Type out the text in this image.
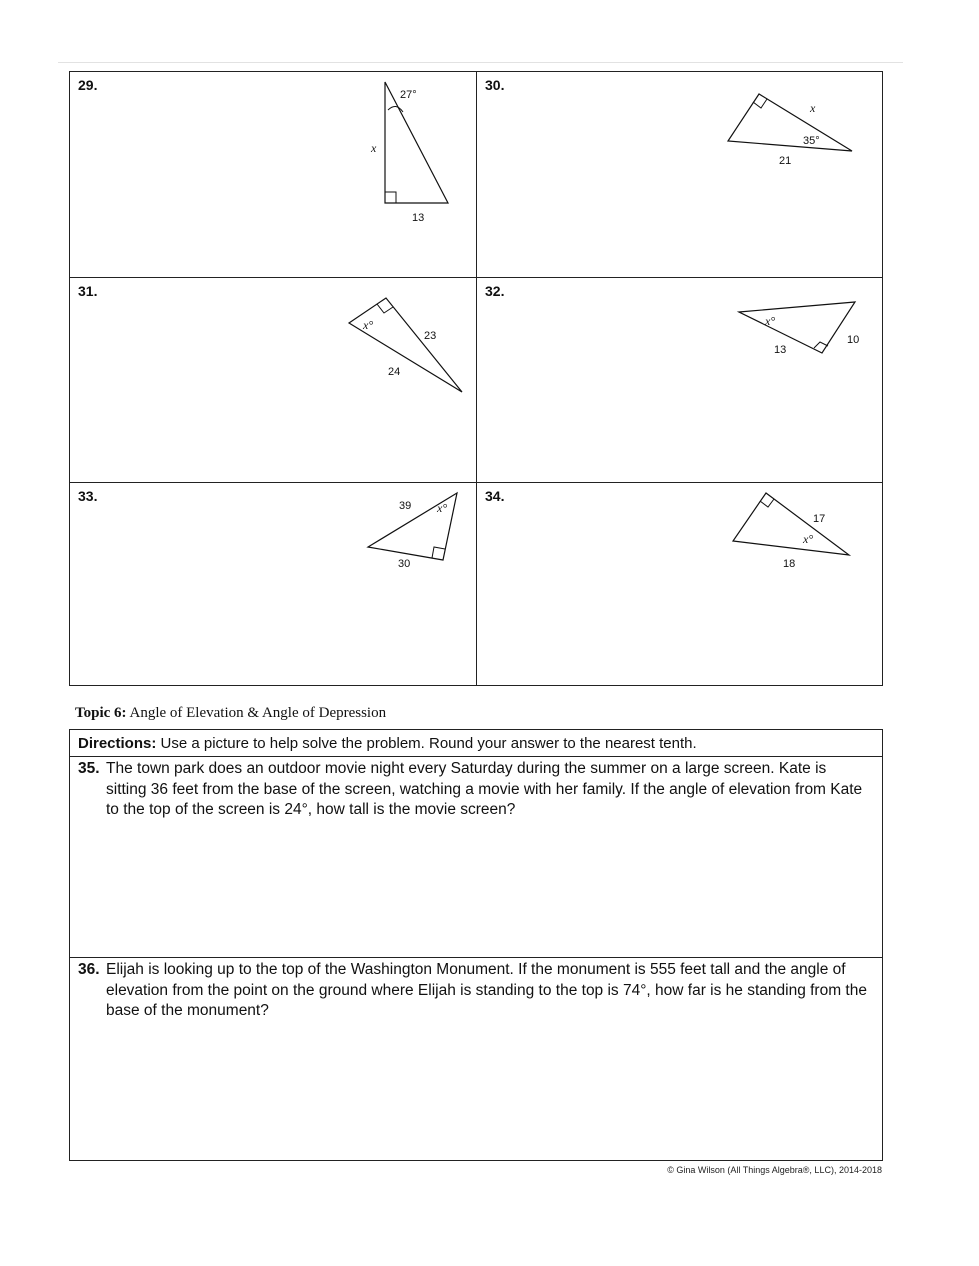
29.
27°
x
13
30.
x
35°
21
31.
x°
23
24
32.
x°
13
10
33.
39 x°
30
34.
17
x°
18
Topic 6: Angle of Elevation & Angle of Depression
Directions: Use a picture to help solve the problem. Round your answer to the nearest tenth.
35. The town park does an outdoor movie night every Saturday during the summer on a large screen. Kate is sitting 36 feet from the base of the screen, watching a movie with her family. If the angle of elevation from Kate to the top of the screen is 24°, how tall is the movie screen?
36. Elijah is looking up to the top of the Washington Monument. If the monument is 555 feet tall and the angle of elevation from the point on the ground where Elijah is standing to the top is 74°, how far is he standing from the base of the monument?
© Gina Wilson (All Things Algebra®, LLC), 2014-2018
